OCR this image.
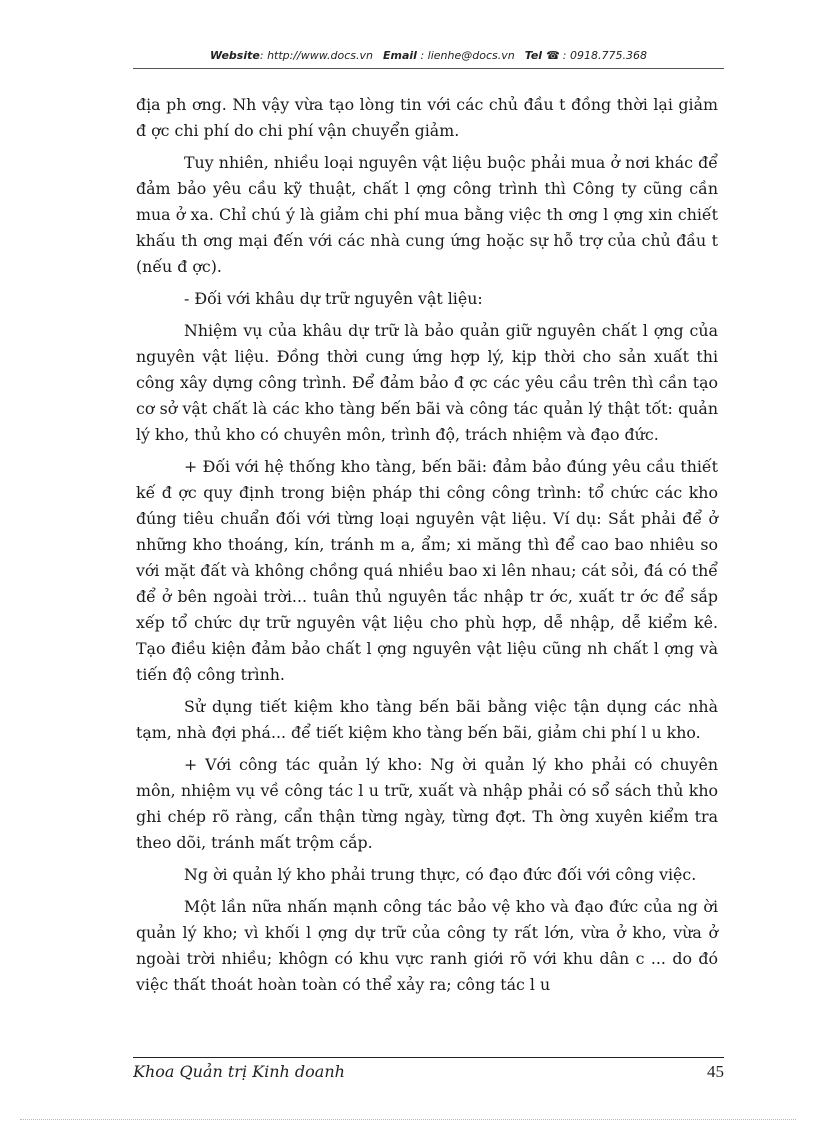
Website: http://www.docs.vn Email : lienhe@docs.vn Tel ☎ : 0918.775.368

địa ph ơng. Nh vậy vừa tạo lòng tin với các chủ đầu t đồng thời lại giảm đ ợc chi phí do chi phí vận chuyển giảm.

Tuy nhiên, nhiều loại nguyên vật liệu buộc phải mua ở nơi khác để đảm bảo yêu cầu kỹ thuật, chất l ợng công trình thì Công ty cũng cần mua ở xa. Chỉ chú ý là giảm chi phí mua bằng việc th ơng l ợng xin chiết khấu th ơng mại đến với các nhà cung ứng hoặc sự hỗ trợ của chủ đầu t (nếu đ ợc).

- Đối với khâu dự trữ nguyên vật liệu:

Nhiệm vụ của khâu dự trữ là bảo quản giữ nguyên chất l ợng của nguyên vật liệu. Đồng thời cung ứng hợp lý, kịp thời cho sản xuất thi công xây dựng công trình. Để đảm bảo đ ợc các yêu cầu trên thì cần tạo cơ sở vật chất là các kho tàng bến bãi và công tác quản lý thật tốt: quản lý kho, thủ kho có chuyên môn, trình độ, trách nhiệm và đạo đức.

+ Đối với hệ thống kho tàng, bến bãi: đảm bảo đúng yêu cầu thiết kế đ ợc quy định trong biện pháp thi công công trình: tổ chức các kho đúng tiêu chuẩn đối với từng loại nguyên vật liệu. Ví dụ: Sắt phải để ở những kho thoáng, kín, tránh m a, ẩm; xi măng thì để cao bao nhiêu so với mặt đất và không chồng quá nhiều bao xi lên nhau; cát sỏi, đá có thể để ở bên ngoài trời... tuân thủ nguyên tắc nhập tr ớc, xuất tr ớc để sắp xếp tổ chức dự trữ nguyên vật liệu cho phù hợp, dễ nhập, dễ kiểm kê. Tạo điều kiện đảm bảo chất l ợng nguyên vật liệu cũng nh chất l ợng và tiến độ công trình.

Sử dụng tiết kiệm kho tàng bến bãi bằng việc tận dụng các nhà tạm, nhà đợi phá... để tiết kiệm kho tàng bến bãi, giảm chi phí l u kho.

+ Với công tác quản lý kho: Ng ời quản lý kho phải có chuyên môn, nhiệm vụ về công tác l u trữ, xuất và nhập phải có sổ sách thủ kho ghi chép rõ ràng, cẩn thận từng ngày, từng đợt. Th ờng xuyên kiểm tra theo dõi, tránh mất trộm cắp.

Ng ời quản lý kho phải trung thực, có đạo đức đối với công việc.

Một lần nữa nhấn mạnh công tác bảo vệ kho và đạo đức của ng ời quản lý kho; vì khối l ợng dự trữ của công ty rất lớn, vừa ở kho, vừa ở ngoài trời nhiều; khôgn có khu vực ranh giới rõ với khu dân c ... do đó việc thất thoát hoàn toàn có thể xảy ra; công tác l u

Khoa Quản trị Kinh doanh	45
